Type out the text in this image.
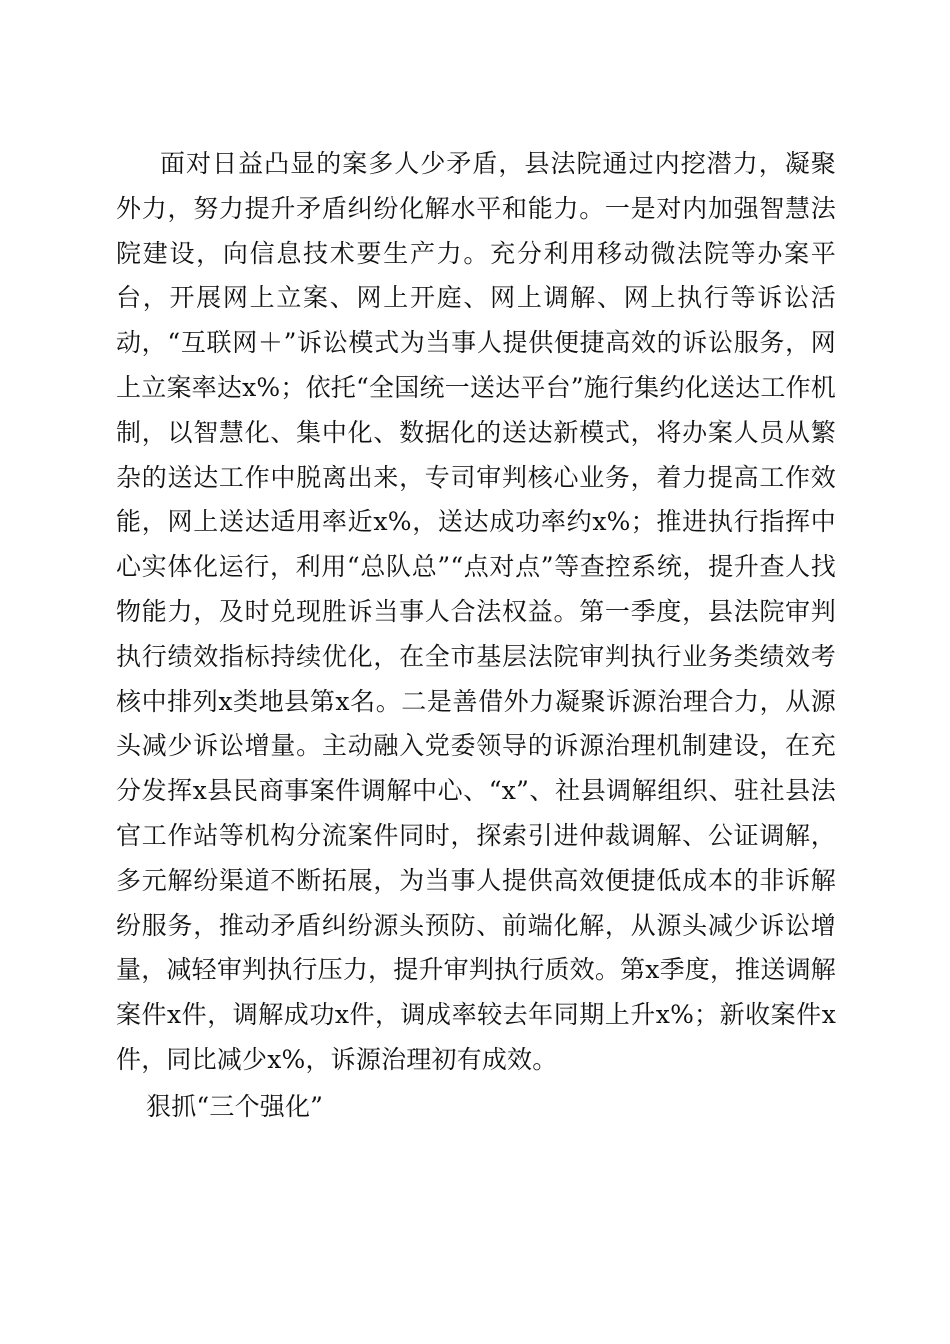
面对日益凸显的案多人少矛盾，县法院通过内挖潜力，凝聚外力，努力提升矛盾纠纷化解水平和能力。一是对内加强智慧法院建设，向信息技术要生产力。充分利用移动微法院等办案平台，开展网上立案、网上开庭、网上调解、网上执行等诉讼活动，“互联网＋”诉讼模式为当事人提供便捷高效的诉讼服务，网上立案率达x%；依托“全国统一送达平台”施行集约化送达工作机制，以智慧化、集中化、数据化的送达新模式，将办案人员从繁杂的送达工作中脱离出来，专司审判核心业务，着力提高工作效能，网上送达适用率近x%，送达成功率约x%；推进执行指挥中心实体化运行，利用“总队总”“点对点”等查控系统，提升查人找物能力，及时兑现胜诉当事人合法权益。第一季度，县法院审判执行绩效指标持续优化，在全市基层法院审判执行业务类绩效考核中排列x类地县第x名。二是善借外力凝聚诉源治理合力，从源头减少诉讼增量。主动融入党委领导的诉源治理机制建设，在充分发挥x县民商事案件调解中心、“x”、社县调解组织、驻社县法官工作站等机构分流案件同时，探索引进仲裁调解、公证调解，多元解纷渠道不断拓展，为当事人提供高效便捷低成本的非诉解纷服务，推动矛盾纠纷源头预防、前端化解，从源头减少诉讼增量，减轻审判执行压力，提升审判执行质效。第x季度，推送调解案件x件，调解成功x件，调成率较去年同期上升x%；新收案件x件，同比减少x%，诉源治理初有成效。

狠抓“三个强化”
